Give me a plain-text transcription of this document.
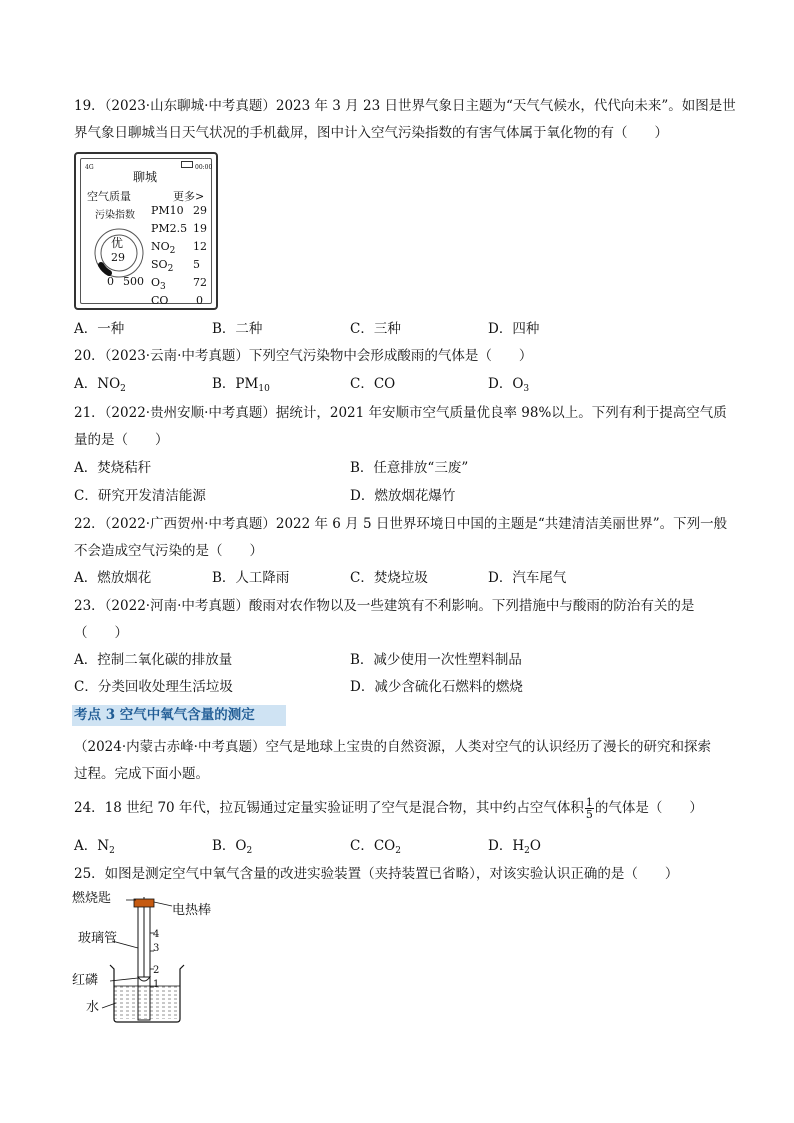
19．（2023·山东聊城·中考真题）2023 年 3 月 23 日世界气象日主题为“天气气候水，代代向未来”。如图是世
界气象日聊城当日天气状况的手机截屏，图中计入空气污染指数的有害气体属于氧化物的有（　　）
4G	00:00
聊城
空气质量	更多>
污染指数
优
29
0 500
PM10 29
PM2.5 19
$NO_2$ 12
$SO_2$ 5
$O_3$ 72
CO	0
A．一种	B．二种	C．三种	D．四种
20．（2023·云南·中考真题）下列空气污染物中会形成酸雨的气体是（　　）
A．$NO_2$	B．$PM_{10}$	C．CO	D．$O_3$
21．（2022·贵州安顺·中考真题）据统计，2021 年安顺市空气质量优良率 98%以上。下列有利于提高空气质
量的是（　　）
A．焚烧秸秆	B．任意排放“三废”
C．研究开发清洁能源	D．燃放烟花爆竹
22．（2022·广西贺州·中考真题）2022 年 6 月 5 日世界环境日中国的主题是“共建清洁美丽世界”。下列一般
不会造成空气污染的是（　　）
A．燃放烟花	B．人工降雨	C．焚烧垃圾	D．汽车尾气
23．（2022·河南·中考真题）酸雨对农作物以及一些建筑有不利影响。下列措施中与酸雨的防治有关的是
（　　）
A．控制二氧化碳的排放量	B．减少使用一次性塑料制品
C．分类回收处理生活垃圾	D．减少含硫化石燃料的燃烧
考点 3 空气中氧气含量的测定
（2024·内蒙古赤峰·中考真题）空气是地球上宝贵的自然资源，人类对空气的认识经历了漫长的研究和探索
过程。完成下面小题。
24．18 世纪 70 年代，拉瓦锡通过定量实验证明了空气是混合物，其中约占空气体积 $\frac{1}{5}$ 的气体是（　　）
A．$N_2$	B．$O_2$	C．$CO_2$	D．$H_2O$
25．如图是测定空气中氧气含量的改进实验装置（夹持装置已省略），对该实验认识正确的是（　　）
燃烧匙
电热棒
玻璃管
红磷
水
4
3
2
1
